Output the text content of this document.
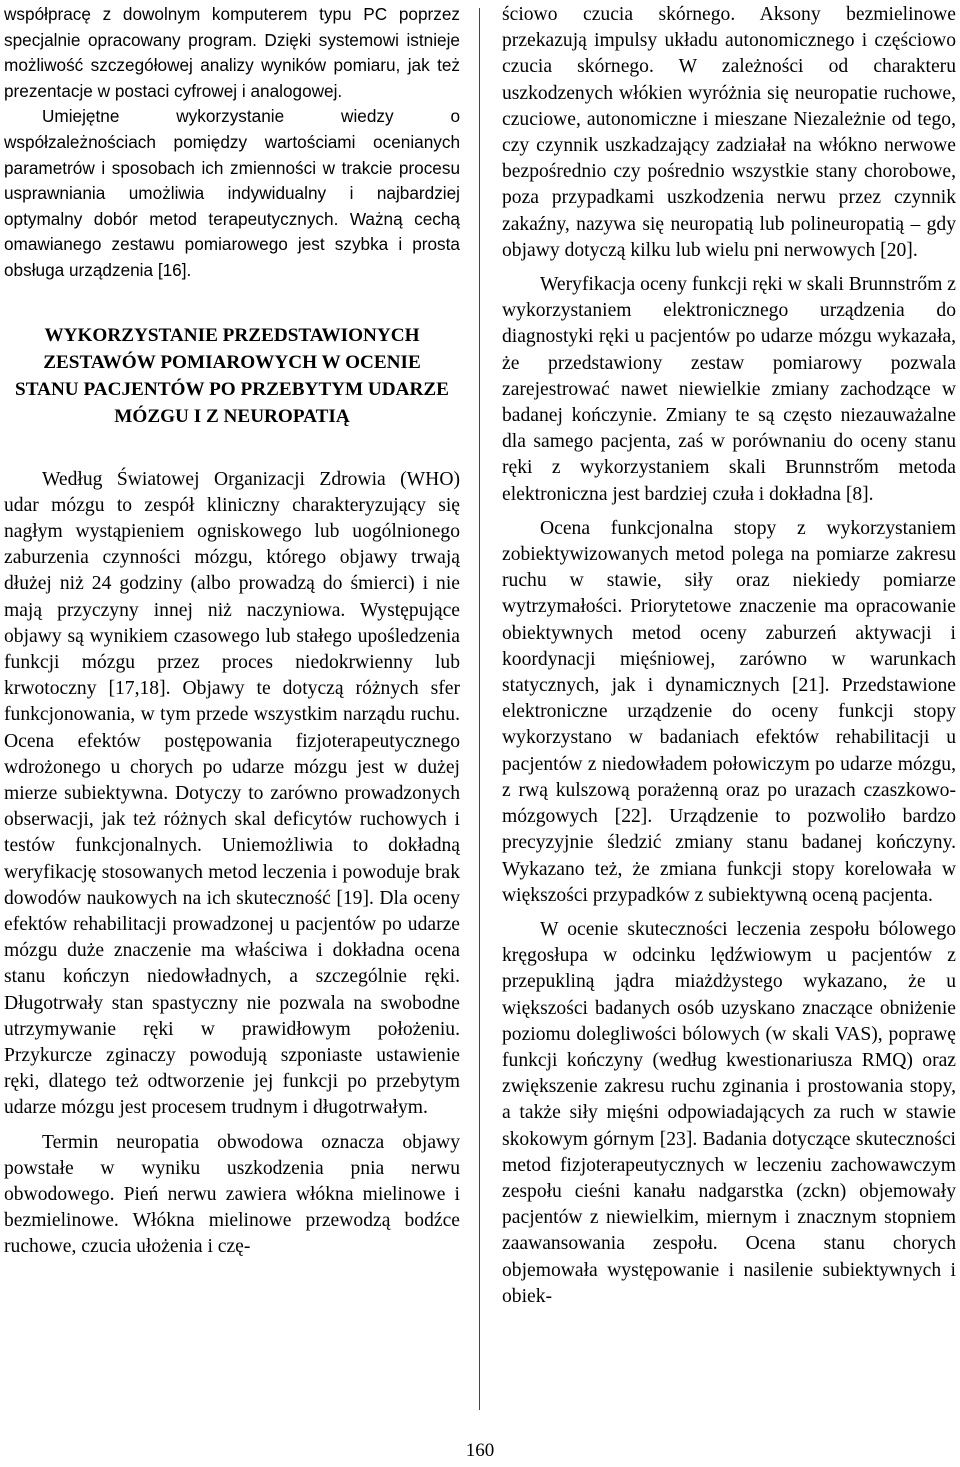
współpracę z dowolnym komputerem typu PC poprzez specjalnie opracowany program. Dzięki systemowi istnieje możliwość szczegółowej analizy wyników pomiaru, jak też prezentacje w postaci cyfrowej i analogowej.

Umiejętne wykorzystanie wiedzy o współzależnościach pomiędzy wartościami ocenianych parametrów i sposobach ich zmienności w trakcie procesu usprawniania umożliwia indywidualny i najbardziej optymalny dobór metod terapeutycznych. Ważną cechą omawianego zestawu pomiarowego jest szybka i prosta obsługa urządzenia [16].

WYKORZYSTANIE PRZEDSTAWIONYCH ZESTAWÓW POMIAROWYCH W OCENIE STANU PACJENTÓW PO PRZEBYTYM UDARZE MÓZGU I Z NEUROPATIĄ

Według Światowej Organizacji Zdrowia (WHO) udar mózgu to zespół kliniczny charakteryzujący się nagłym wystąpieniem ogniskowego lub uogólnionego zaburzenia czynności mózgu, którego objawy trwają dłużej niż 24 godziny (albo prowadzą do śmierci) i nie mają przyczyny innej niż naczyniowa. Występujące objawy są wynikiem czasowego lub stałego upośledzenia funkcji mózgu przez proces niedokrwienny lub krwotoczny [17,18]. Objawy te dotyczą różnych sfer funkcjonowania, w tym przede wszystkim narządu ruchu. Ocena efektów postępowania fizjoterapeutycznego wdrożonego u chorych po udarze mózgu jest w dużej mierze subiektywna. Dotyczy to zarówno prowadzonych obserwacji, jak też różnych skal deficytów ruchowych i testów funkcjonalnych. Uniemożliwia to dokładną weryfikację stosowanych metod leczenia i powoduje brak dowodów naukowych na ich skuteczność [19]. Dla oceny efektów rehabilitacji prowadzonej u pacjentów po udarze mózgu duże znaczenie ma właściwa i dokładna ocena stanu kończyn niedowładnych, a szczególnie ręki. Długotrwały stan spastyczny nie pozwala na swobodne utrzymywanie ręki w prawidłowym położeniu. Przykurcze zginaczy powodują szponiaste ustawienie ręki, dlatego też odtworzenie jej funkcji po przebytym udarze mózgu jest procesem trudnym i długotrwałym.

Termin neuropatia obwodowa oznacza objawy powstałe w wyniku uszkodzenia pnia nerwu obwodowego. Pień nerwu zawiera włókna mielinowe i bezmielinowe. Włókna mielinowe przewodzą bodźce ruchowe, czucia ułożenia i czę-

ściowo czucia skórnego. Aksony bezmielinowe przekazują impulsy układu autonomicznego i częściowo czucia skórnego. W zależności od charakteru uszkodzenych włókien wyróżnia się neuropatie ruchowe, czuciowe, autonomiczne i mieszane Niezależnie od tego, czy czynnik uszkadzający zadziałał na włókno nerwowe bezpośrednio czy pośrednio wszystkie stany chorobowe, poza przypadkami uszkodzenia nerwu przez czynnik zakaźny, nazywa się neuropatią lub polineuropatią – gdy objawy dotyczą kilku lub wielu pni nerwowych [20].

Weryfikacja oceny funkcji ręki w skali Brunnstrőm z wykorzystaniem elektronicznego urządzenia do diagnostyki ręki u pacjentów po udarze mózgu wykazała, że przedstawiony zestaw pomiarowy pozwala zarejestrować nawet niewielkie zmiany zachodzące w badanej kończynie. Zmiany te są często niezauważalne dla samego pacjenta, zaś w porównaniu do oceny stanu ręki z wykorzystaniem skali Brunnstrőm metoda elektroniczna jest bardziej czuła i dokładna [8].

Ocena funkcjonalna stopy z wykorzystaniem zobiektywizowanych metod polega na pomiarze zakresu ruchu w stawie, siły oraz niekiedy pomiarze wytrzymałości. Priorytetowe znaczenie ma opracowanie obiektywnych metod oceny zaburzeń aktywacji i koordynacji mięśniowej, zarówno w warunkach statycznych, jak i dynamicznych [21]. Przedstawione elektroniczne urządzenie do oceny funkcji stopy wykorzystano w badaniach efektów rehabilitacji u pacjentów z niedowładem połowiczym po udarze mózgu, z rwą kulszową porażenną oraz po urazach czaszkowo-mózgowych [22]. Urządzenie to pozwoliło bardzo precyzyjnie śledzić zmiany stanu badanej kończyny. Wykazano też, że zmiana funkcji stopy korelowała w większości przypadków z subiektywną oceną pacjenta.

W ocenie skuteczności leczenia zespołu bólowego kręgosłupa w odcinku lędźwiowym u pacjentów z przepukliną jądra miażdżystego wykazano, że u większości badanych osób uzyskano znaczące obniżenie poziomu dolegliwości bólowych (w skali VAS), poprawę funkcji kończyny (według kwestionariusza RMQ) oraz zwiększenie zakresu ruchu zginania i prostowania stopy, a także siły mięśni odpowiadających za ruch w stawie skokowym górnym [23]. Badania dotyczące skuteczności metod fizjoterapeutycznych w leczeniu zachowawczym zespołu cieśni kanału nadgarstka (zckn) objemowały pacjentów z niewielkim, miernym i znacznym stopniem zaawansowania zespołu. Ocena stanu chorych objemowała występowanie i nasilenie subiektywnych i obiek-

160
